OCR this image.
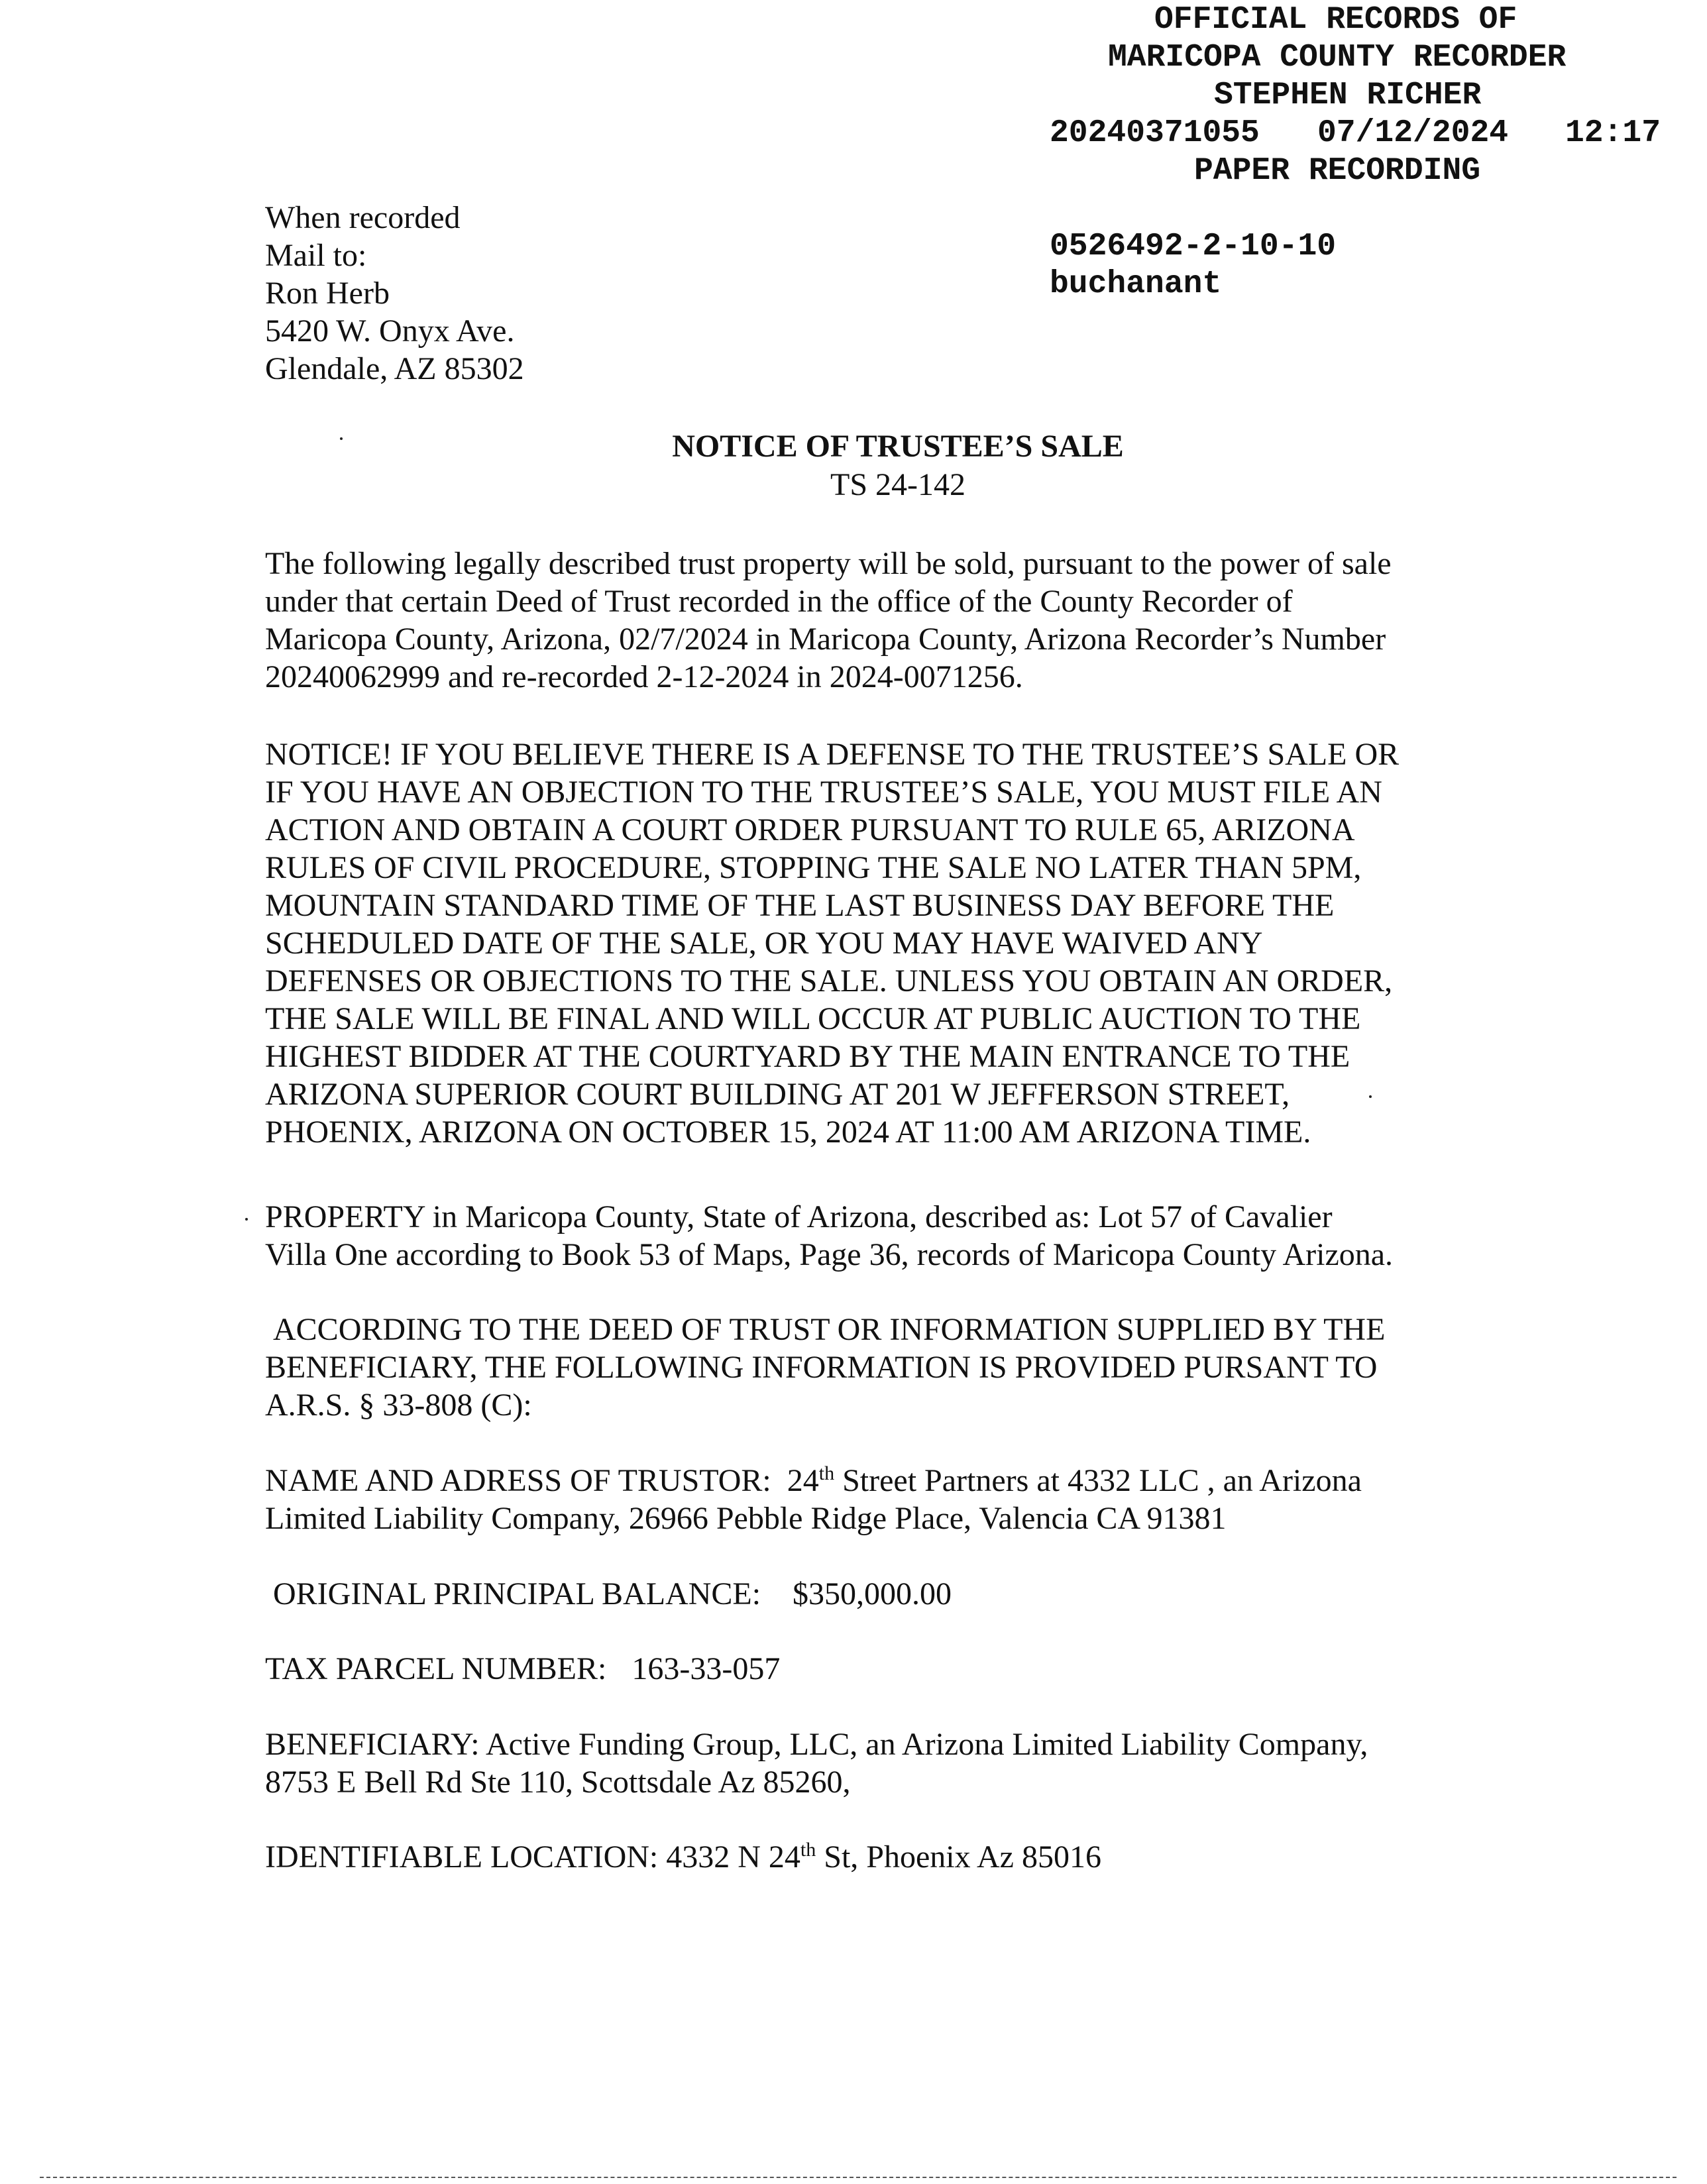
OFFICIAL RECORDS OF

MARICOPA COUNTY RECORDER

STEPHEN RICHER

20240371055

07/12/2024

12:17

PAPER RECORDING

0526492-2-10-10

buchanant

When recorded
Mail to:
Ron Herb
5420 W. Onyx Ave.
Glendale, AZ 85302
NOTICE OF TRUSTEE’S SALE
TS 24-142
The following legally described trust property will be sold, pursuant to the power of sale
under that certain Deed of Trust recorded in the office of the County Recorder of
Maricopa County, Arizona, 02/7/2024 in Maricopa County, Arizona Recorder’s Number
20240062999 and re-recorded 2-12-2024 in 2024-0071256.
NOTICE! IF YOU BELIEVE THERE IS A DEFENSE TO THE TRUSTEE’S SALE OR
IF YOU HAVE AN OBJECTION TO THE TRUSTEE’S SALE, YOU MUST FILE AN
ACTION AND OBTAIN A COURT ORDER PURSUANT TO RULE 65, ARIZONA
RULES OF CIVIL PROCEDURE, STOPPING THE SALE NO LATER THAN 5PM,
MOUNTAIN STANDARD TIME OF THE LAST BUSINESS DAY BEFORE THE
SCHEDULED DATE OF THE SALE, OR YOU MAY HAVE WAIVED ANY
DEFENSES OR OBJECTIONS TO THE SALE. UNLESS YOU OBTAIN AN ORDER,
THE SALE WILL BE FINAL AND WILL OCCUR AT PUBLIC AUCTION TO THE
HIGHEST BIDDER AT THE COURTYARD BY THE MAIN ENTRANCE TO THE
ARIZONA SUPERIOR COURT BUILDING AT 201 W JEFFERSON STREET,
PHOENIX, ARIZONA ON OCTOBER 15, 2024 AT 11:00 AM ARIZONA TIME.
PROPERTY in Maricopa County, State of Arizona, described as: Lot 57 of Cavalier
Villa One according to Book 53 of Maps, Page 36, records of Maricopa County Arizona.
ACCORDING TO THE DEED OF TRUST OR INFORMATION SUPPLIED BY THE
BENEFICIARY, THE FOLLOWING INFORMATION IS PROVIDED PURSANT TO
A.R.S. § 33-808 (C):
NAME AND ADRESS OF TRUSTOR: 24th Street Partners at 4332 LLC , an Arizona
Limited Liability Company, 26966 Pebble Ridge Place, Valencia CA 91381
ORIGINAL PRINCIPAL BALANCE: $350,000.00
TAX PARCEL NUMBER: 163-33-057
BENEFICIARY: Active Funding Group, LLC, an Arizona Limited Liability Company,
8753 E Bell Rd Ste 110, Scottsdale Az 85260,
IDENTIFIABLE LOCATION: 4332 N 24th St, Phoenix Az 85016
